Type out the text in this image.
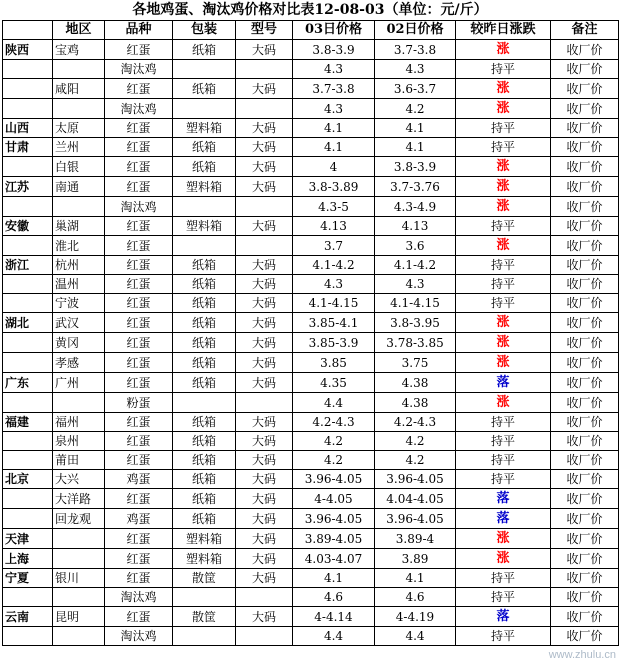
各地鸡蛋、淘汰鸡价格对比表12-08-03（单位：元/斤）
	地区	品种	包装	型号	03日价格	02日价格	较昨日涨跌	备注
陕西	宝鸡	红蛋	纸箱	大码	3.8-3.9	3.7-3.8	涨	收厂价
		淘汰鸡			4.3	4.3	持平	收厂价
	咸阳	红蛋	纸箱	大码	3.7-3.8	3.6-3.7	涨	收厂价
		淘汰鸡			4.3	4.2	涨	收厂价
山西	太原	红蛋	塑料箱	大码	4.1	4.1	持平	收厂价
甘肃	兰州	红蛋	纸箱	大码	4.1	4.1	持平	收厂价
	白银	红蛋	纸箱	大码	4	3.8-3.9	涨	收厂价
江苏	南通	红蛋	塑料箱	大码	3.8-3.89	3.7-3.76	涨	收厂价
		淘汰鸡			4.3-5	4.3-4.9	涨	收厂价
安徽	巢湖	红蛋	塑料箱	大码	4.13	4.13	持平	收厂价
	淮北	红蛋			3.7	3.6	涨	收厂价
浙江	杭州	红蛋	纸箱	大码	4.1-4.2	4.1-4.2	持平	收厂价
	温州	红蛋	纸箱	大码	4.3	4.3	持平	收厂价
	宁波	红蛋	纸箱	大码	4.1-4.15	4.1-4.15	持平	收厂价
湖北	武汉	红蛋	纸箱	大码	3.85-4.1	3.8-3.95	涨	收厂价
	黄冈	红蛋	纸箱	大码	3.85-3.9	3.78-3.85	涨	收厂价
	孝感	红蛋	纸箱	大码	3.85	3.75	涨	收厂价
广东	广州	红蛋	纸箱	大码	4.35	4.38	落	收厂价
		粉蛋			4.4	4.38	涨	收厂价
福建	福州	红蛋	纸箱	大码	4.2-4.3	4.2-4.3	持平	收厂价
	泉州	红蛋	纸箱	大码	4.2	4.2	持平	收厂价
	莆田	红蛋	纸箱	大码	4.2	4.2	持平	收厂价
北京	大兴	鸡蛋	纸箱	大码	3.96-4.05	3.96-4.05	持平	收厂价
	大洋路	红蛋	纸箱	大码	4-4.05	4.04-4.05	落	收厂价
	回龙观	鸡蛋	纸箱	大码	3.96-4.05	3.96-4.05	落	收厂价
天津		红蛋	塑料箱	大码	3.89-4.05	3.89-4	涨	收厂价
上海		红蛋	塑料箱	大码	4.03-4.07	3.89	涨	收厂价
宁夏	银川	红蛋	散筐	大码	4.1	4.1	持平	收厂价
		淘汰鸡			4.6	4.6	持平	收厂价
云南	昆明	红蛋	散筐	大码	4-4.14	4-4.19	落	收厂价
		淘汰鸡			4.4	4.4	持平	收厂价
www.zhulu.cn
